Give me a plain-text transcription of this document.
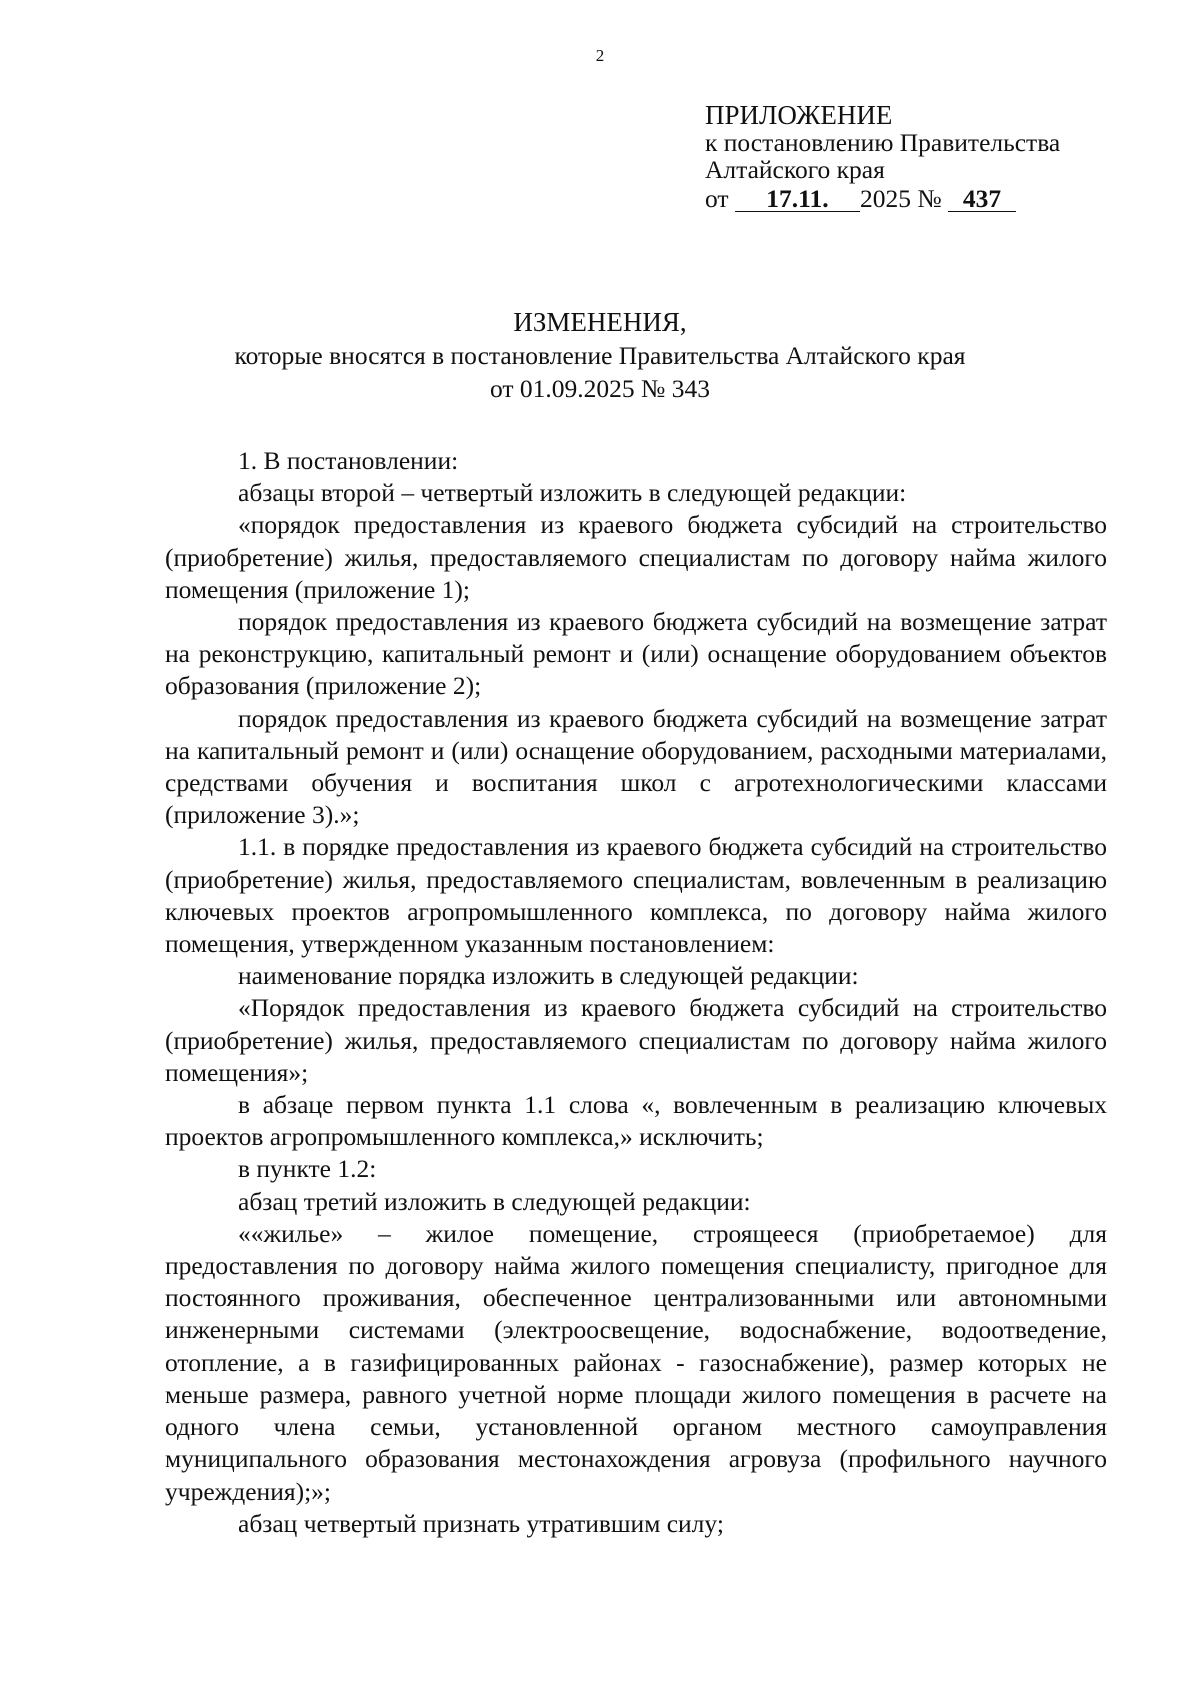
2
ПРИЛОЖЕНИЕ
к постановлению Правительства
Алтайского края
от 17.11. 2025 № 437
ИЗМЕНЕНИЯ,
которые вносятся в постановление Правительства Алтайского края
от 01.09.2025 № 343

1. В постановлении:

абзацы второй – четвертый изложить в следующей редакции:

«порядок предоставления из краевого бюджета субсидий на строительство (приобретение) жилья, предоставляемого специалистам по договору найма жилого помещения (приложение 1);

порядок предоставления из краевого бюджета субсидий на возмещение затрат на реконструкцию, капитальный ремонт и (или) оснащение оборудованием объектов образования (приложение 2);

порядок предоставления из краевого бюджета субсидий на возмещение затрат на капитальный ремонт и (или) оснащение оборудованием, расходными материалами, средствами обучения и воспитания школ с агротехнологическими классами (приложение 3).»;

1.1. в порядке предоставления из краевого бюджета субсидий на строительство (приобретение) жилья, предоставляемого специалистам, вовлеченным в реализацию ключевых проектов агропромышленного комплекса, по договору найма жилого помещения, утвержденном указанным постановлением:

наименование порядка изложить в следующей редакции:

«Порядок предоставления из краевого бюджета субсидий на строительство (приобретение) жилья, предоставляемого специалистам по договору найма жилого помещения»;

в абзаце первом пункта 1.1 слова «, вовлеченным в реализацию ключевых проектов агропромышленного комплекса,» исключить;

в пункте 1.2:

абзац третий изложить в следующей редакции:

««жилье» – жилое помещение, строящееся (приобретаемое) для предоставления по договору найма жилого помещения специалисту, пригодное для постоянного проживания, обеспеченное централизованными или автономными инженерными системами (электроосвещение, водоснабжение, водоотведение, отопление, а в газифицированных районах - газоснабжение), размер которых не меньше размера, равного учетной норме площади жилого помещения в расчете на одного члена семьи, установленной органом местного самоуправления муниципального образования местонахождения агровуза (профильного научного учреждения);»;

абзац четвертый признать утратившим силу;
